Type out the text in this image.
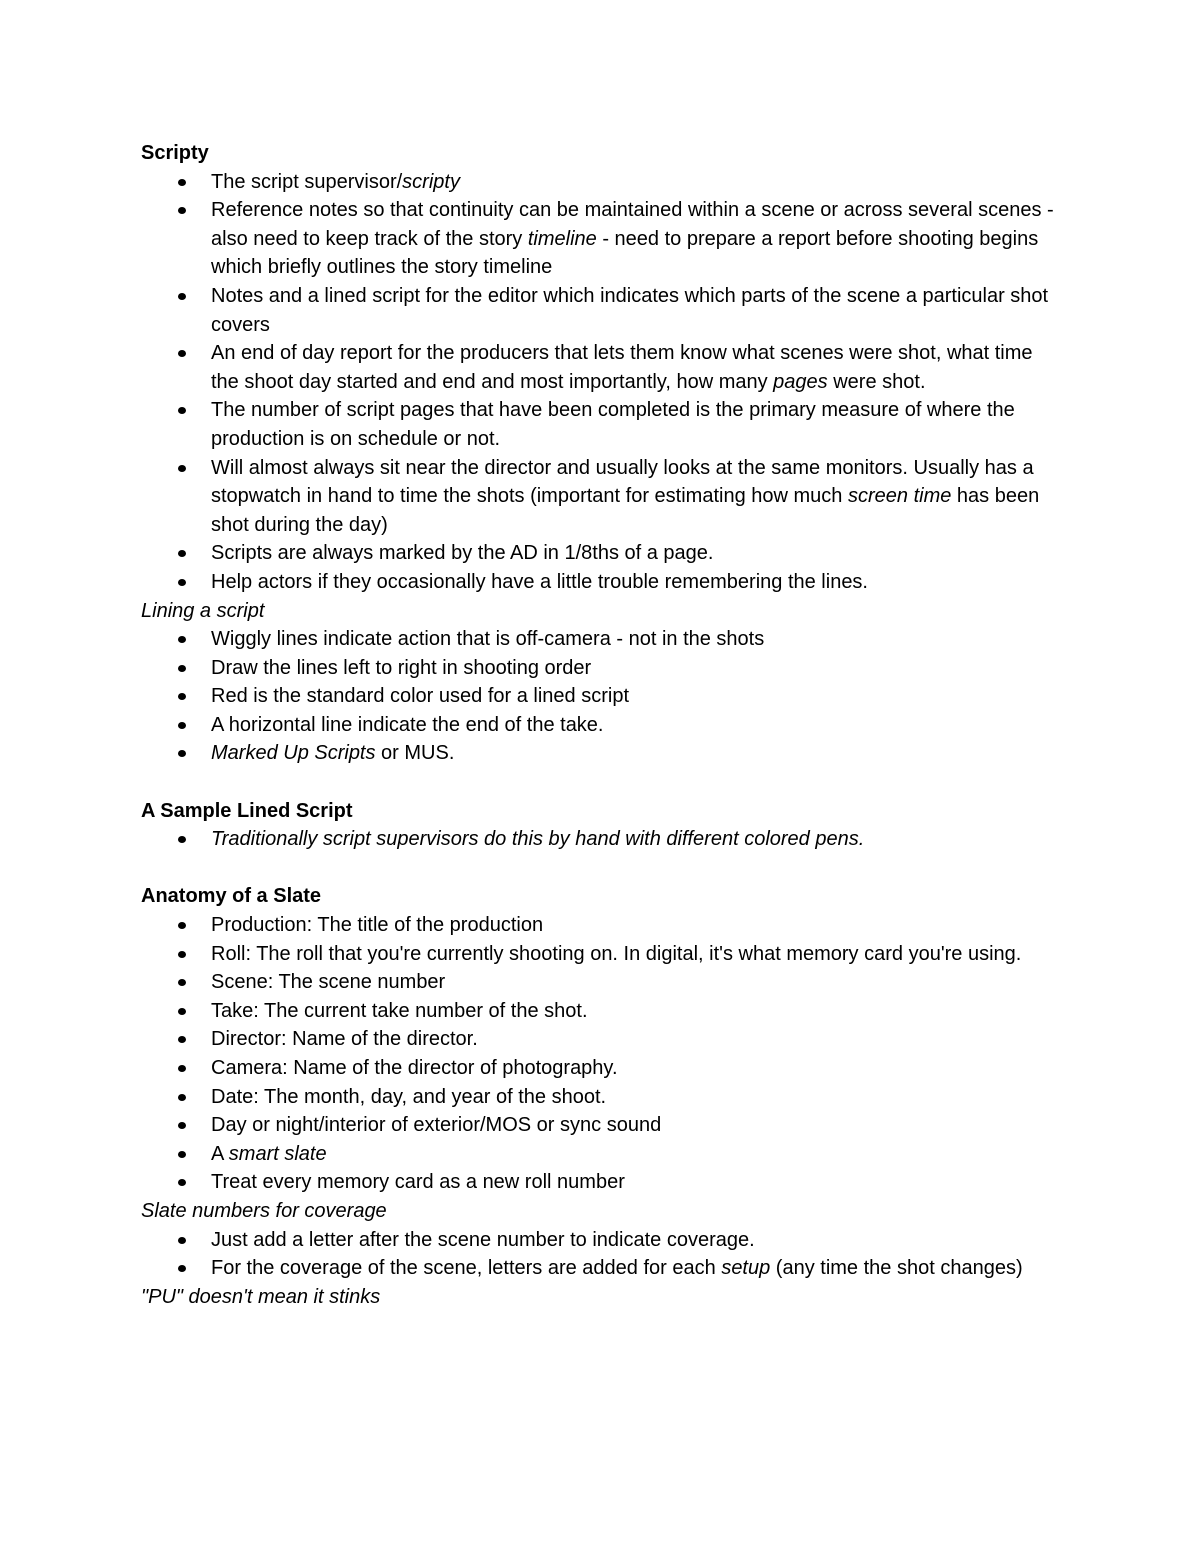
Scripty

The script supervisor/scripty
Reference notes so that continuity can be maintained within a scene or across several scenes - also need to keep track of the story timeline - need to prepare a report before shooting begins which briefly outlines the story timeline
Notes and a lined script for the editor which indicates which parts of the scene a particular shot covers
An end of day report for the producers that lets them know what scenes were shot, what time the shoot day started and end and most importantly, how many pages were shot.
The number of script pages that have been completed is the primary measure of where the production is on schedule or not.
Will almost always sit near the director and usually looks at the same monitors. Usually has a stopwatch in hand to time the shots (important for estimating how much screen time has been shot during the day)
Scripts are always marked by the AD in 1/8ths of a page.
Help actors if they occasionally have a little trouble remembering the lines.

Lining a script

Wiggly lines indicate action that is off-camera - not in the shots
Draw the lines left to right in shooting order
Red is the standard color used for a lined script
A horizontal line indicate the end of the take.
Marked Up Scripts or MUS.

A Sample Lined Script

Traditionally script supervisors do this by hand with different colored pens.

Anatomy of a Slate

Production: The title of the production
Roll: The roll that you're currently shooting on. In digital, it's what memory card you're using.
Scene: The scene number
Take: The current take number of the shot.
Director: Name of the director.
Camera: Name of the director of photography.
Date: The month, day, and year of the shoot.
Day or night/interior of exterior/MOS or sync sound
A smart slate
Treat every memory card as a new roll number

Slate numbers for coverage

Just add a letter after the scene number to indicate coverage.
For the coverage of the scene, letters are added for each setup (any time the shot changes)

"PU" doesn't mean it stinks
